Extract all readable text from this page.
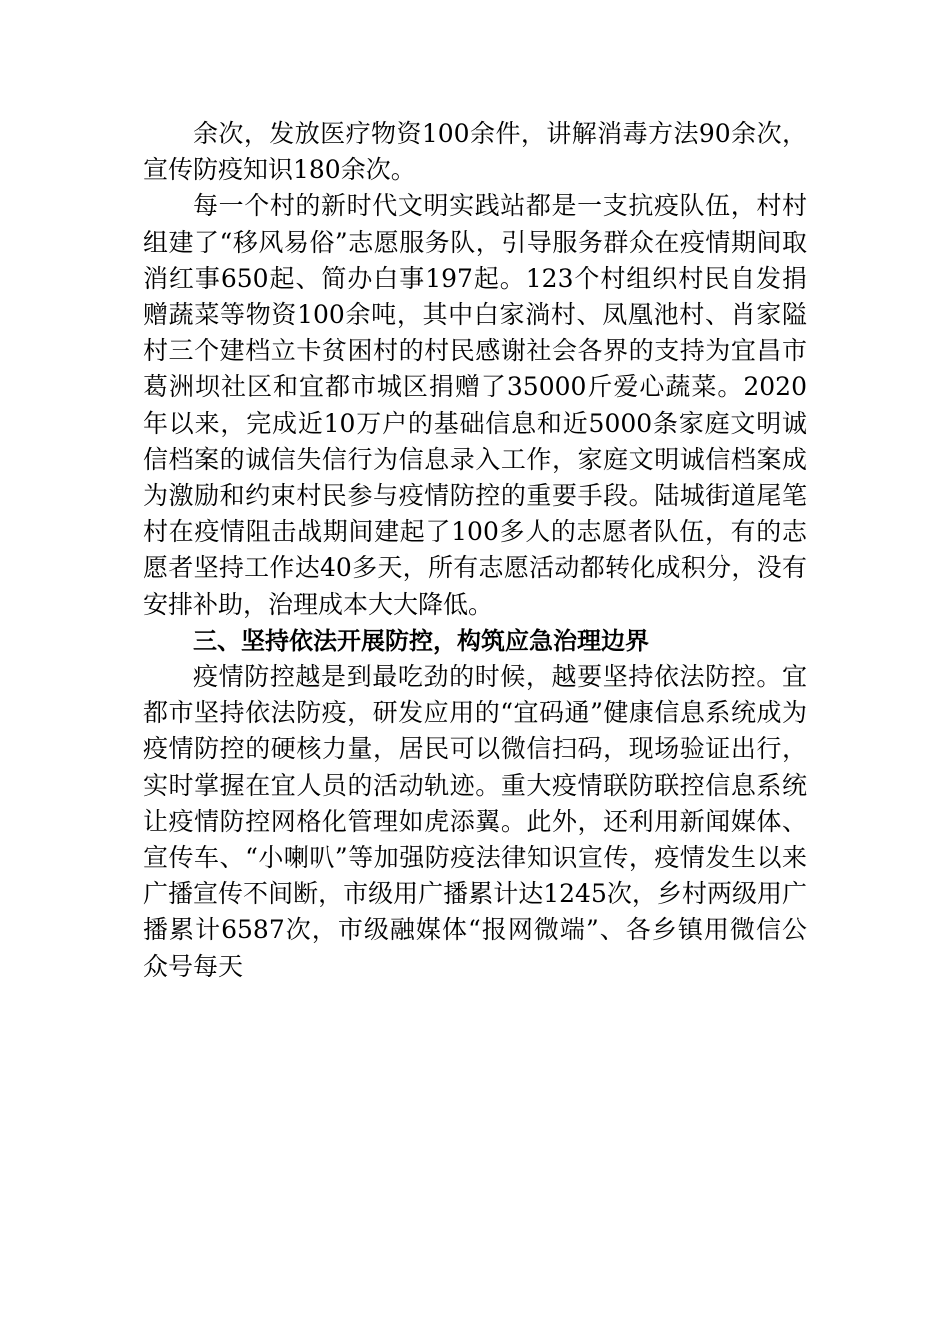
余次，发放医疗物资100余件，讲解消毒方法90余次，宣传防疫知识180余次。

每一个村的新时代文明实践站都是一支抗疫队伍，村村组建了“移风易俗”志愿服务队，引导服务群众在疫情期间取消红事650起、简办白事197起。123个村组织村民自发捐赠蔬菜等物资100余吨，其中白家淌村、凤凰池村、肖家隘村三个建档立卡贫困村的村民感谢社会各界的支持为宜昌市葛洲坝社区和宜都市城区捐赠了35000斤爱心蔬菜。2020年以来，完成近10万户的基础信息和近5000条家庭文明诚信档案的诚信失信行为信息录入工作，家庭文明诚信档案成为激励和约束村民参与疫情防控的重要手段。陆城街道尾笔村在疫情阻击战期间建起了100多人的志愿者队伍，有的志愿者坚持工作达40多天，所有志愿活动都转化成积分，没有安排补助，治理成本大大降低。

三、坚持依法开展防控，构筑应急治理边界

疫情防控越是到最吃劲的时候，越要坚持依法防控。宜都市坚持依法防疫，研发应用的“宜码通”健康信息系统成为疫情防控的硬核力量，居民可以微信扫码，现场验证出行，实时掌握在宜人员的活动轨迹。重大疫情联防联控信息系统让疫情防控网格化管理如虎添翼。此外，还利用新闻媒体、宣传车、“小喇叭”等加强防疫法律知识宣传，疫情发生以来广播宣传不间断，市级用广播累计达1245次，乡村两级用广播累计6587次，市级融媒体“报网微端”、各乡镇用微信公众号每天
